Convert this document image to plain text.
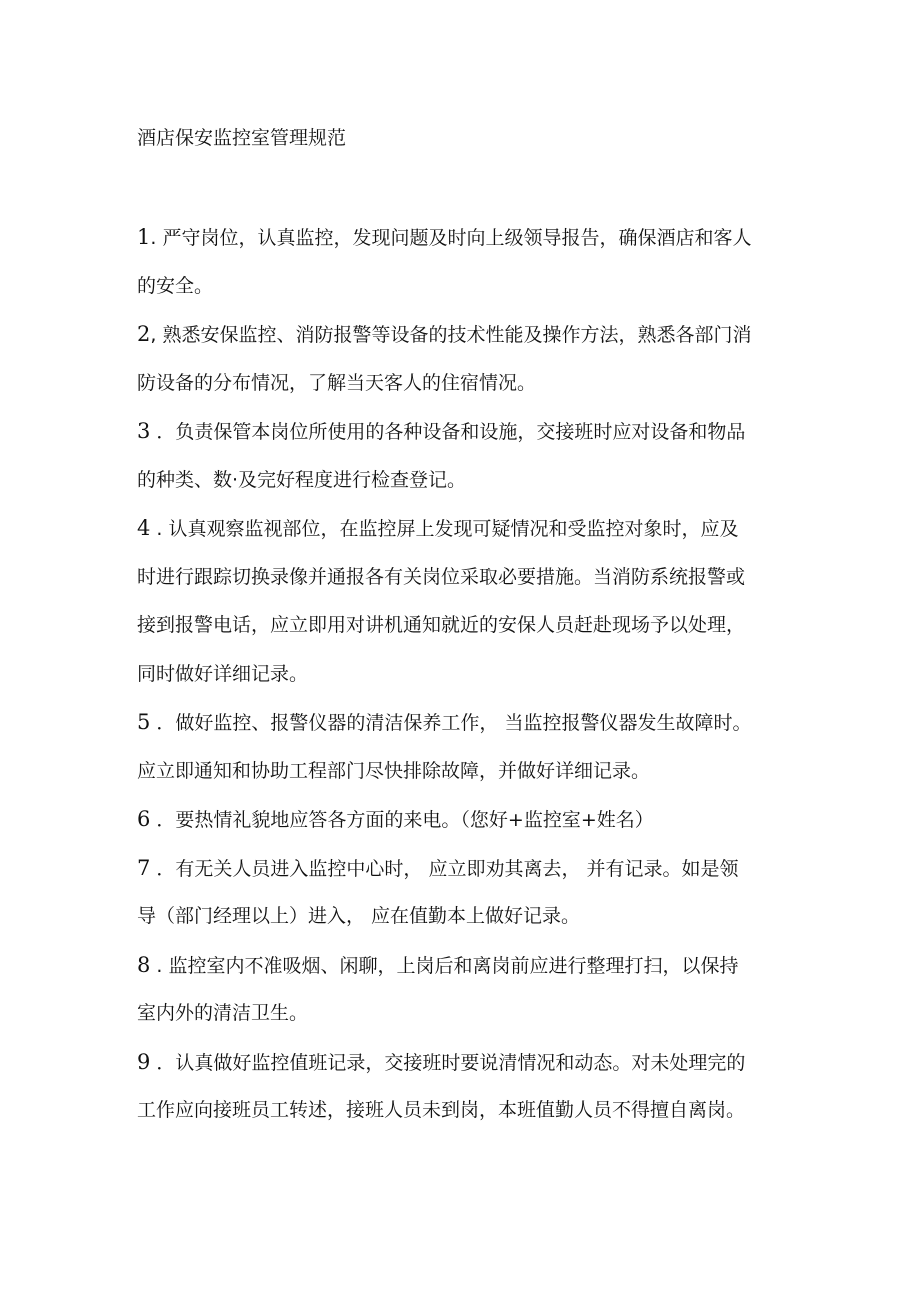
酒店保安监控室管理规范
1. 严守岗位，认真监控，发现问题及时向上级领导报告，确保酒店和客人
的安全。
2, 熟悉安保监控、消防报警等设备的技术性能及操作方法，熟悉各部门消
防设备的分布情况，了解当天客人的住宿情况。
3 ．负责保管本岗位所使用的各种设备和设施，交接班时应对设备和物品
的种类、数·及完好程度进行检查登记。
4 . 认真观察监视部位，在监控屏上发现可疑情况和受监控对象时，应及
时进行跟踪切换录像并通报各有关岗位采取必要措施。当消防系统报警或
接到报警电话，应立即用对讲机通知就近的安保人员赶赴现场予以处理，
同时做好详细记录。
5 ．做好监控、报警仪器的清洁保养工作， 当监控报警仪器发生故障时。
应立即通知和协助工程部门尽快排除故障，并做好详细记录。
6 ．要热情礼貌地应答各方面的来电。（您好+监控室+姓名）
7 ．有无关人员进入监控中心时， 应立即劝其离去， 并有记录。如是领
导（部门经理以上）进入， 应在值勤本上做好记录。
8 . 监控室内不准吸烟、闲聊，上岗后和离岗前应进行整理打扫，以保持
室内外的清洁卫生。
9 ．认真做好监控值班记录，交接班时要说清情况和动态。对未处理完的
工作应向接班员工转述，接班人员未到岗，本班值勤人员不得擅自离岗。
